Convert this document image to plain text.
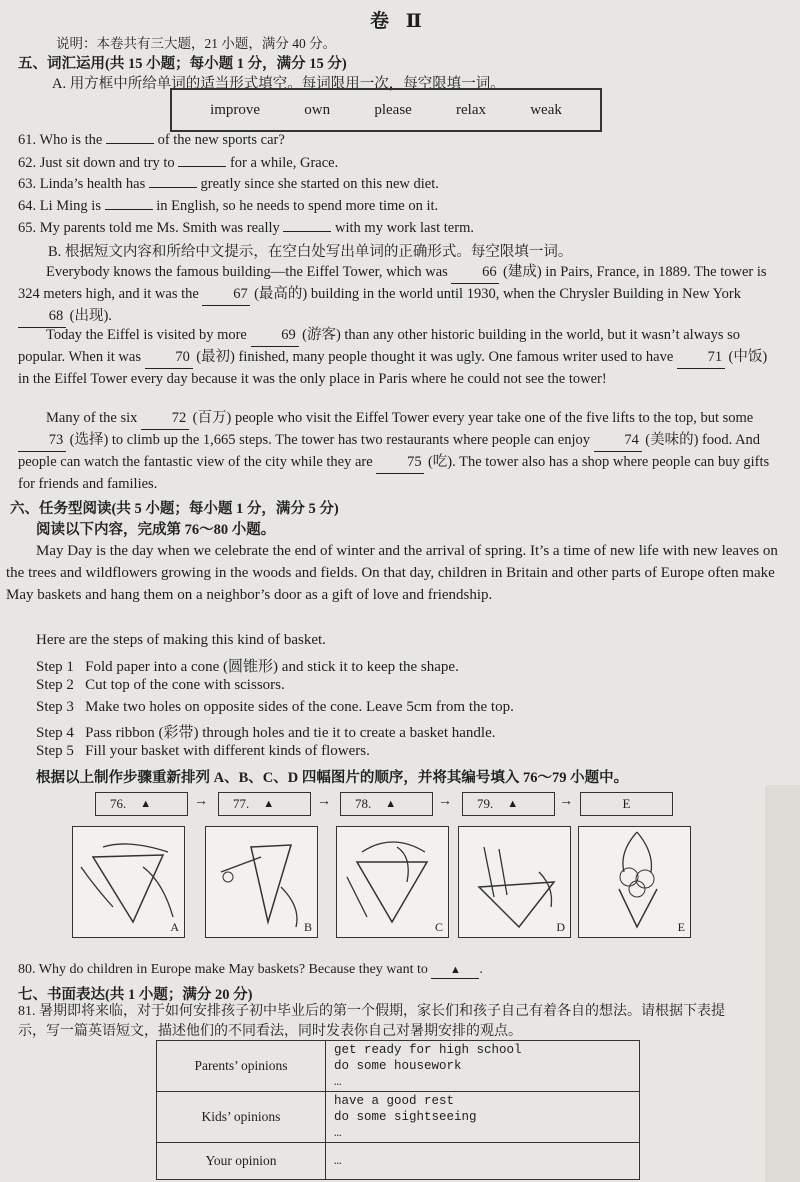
卷 Ⅱ
说明：本卷共有三大题，21 小题，满分 40 分。
五、词汇运用(共 15 小题；每小题 1 分，满分 15 分)
A. 用方框中所给单词的适当形式填空。每词限用一次，每空限填一词。
improve	own	please	relax	weak
61. Who is the	of the new sports car?
62. Just sit down and try to	for a while, Grace.
63. Linda’s health has	greatly since she started on this new diet.
64. Li Ming is	in English, so he needs to spend more time on it.
65. My parents told me Ms. Smith was really	with my work last term.
B. 根据短文内容和所给中文提示，在空白处写出单词的正确形式。每空限填一词。
Everybody knows the famous building—the Eiffel Tower, which was 66 (建成) in Pairs, France, in 1889. The tower is 324 meters high, and it was the 67 (最高的) building in the world until 1930, when the Chrysler Building in New York 68 (出现).
Today the Eiffel is visited by more 69 (游客) than any other historic building in the world, but it wasn’t always so popular. When it was 70 (最初) finished, many people thought it was ugly. One famous writer used to have 71 (中饭) in the Eiffel Tower every day because it was the only place in Paris where he could not see the tower!
Many of the six 72 (百万) people who visit the Eiffel Tower every year take one of the five lifts to the top, but some 73 (选择) to climb up the 1,665 steps. The tower has two restaurants where people can enjoy 74 (美味的) food. And people can watch the fantastic view of the city while they are 75 (吃). The tower also has a shop where people can buy gifts for friends and families.
六、任务型阅读(共 5 小题；每小题 1 分，满分 5 分)
阅读以下内容，完成第 76～80 小题。
May Day is the day when we celebrate the end of winter and the arrival of spring. It’s a time of new life with new leaves on the trees and wildflowers growing in the woods and fields. On that day, children in Britain and other parts of Europe often make May baskets and hang them on a neighbor’s door as a gift of love and friendship.
Here are the steps of making this kind of basket.
Step 1 Fold paper into a cone (圆锥形) and stick it to keep the shape.
Step 2 Cut top of the cone with scissors.
Step 3 Make two holes on opposite sides of the cone. Leave 5cm from the top.
Step 4 Pass ribbon (彩带) through holes and tie it to create a basket handle.
Step 5 Fill your basket with different kinds of flowers.
根据以上制作步骤重新排列 A、B、C、D 四幅图片的顺序，并将其编号填入 76～79 小题中。
76. ▲	→ 77. ▲	→ 78. ▲	→ 79. ▲	→	E
A	B	C	D	E
80. Why do children in Europe make May baskets? Because they want to ▲ .
七、书面表达(共 1 小题；满分 20 分)
81. 暑期即将来临，对于如何安排孩子初中毕业后的第一个假期，家长们和孩子自己有着各自的想法。请根据下表提示，写一篇英语短文，描述他们的不同看法，同时发表你自己对暑期安排的观点。
Parents’ opinions	get ready for high school
do some housework
…

Kids’ opinions	have a good rest
do some sightseeing
…

Your opinion	…
